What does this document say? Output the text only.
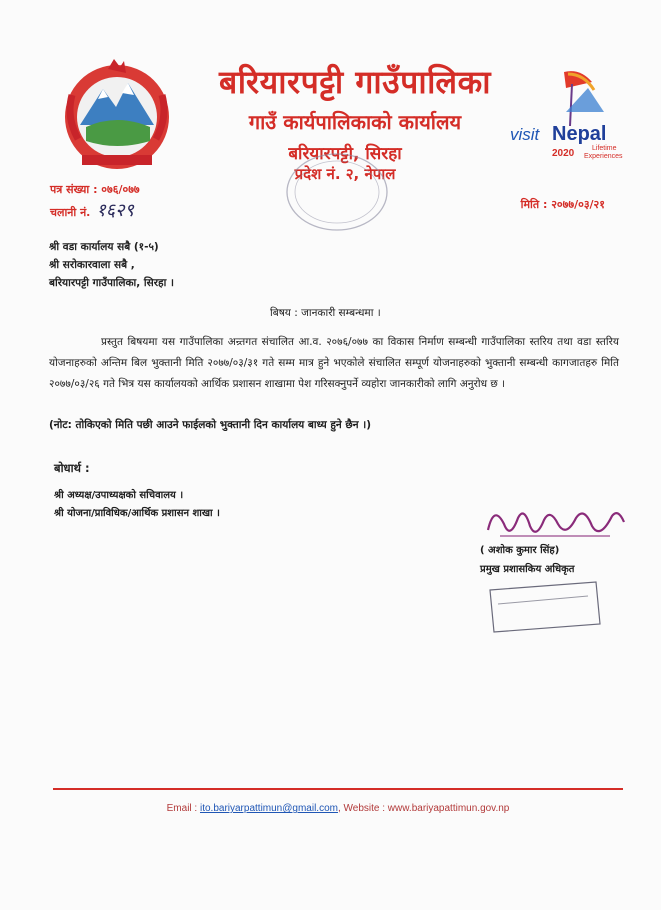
बरियारपट्टी गाउँपालिका
गाउँ कार्यपालिकाको कार्यालय
बरियारपट्टी, सिरहा
प्रदेश नं. २, नेपाल
visit Nepal
2020	Lifetime
Experiences
पत्र संख्या : ०७६/०७७
चलानी नं. १६२९	मिति : २०७७/०३/२१
श्री वडा कार्यालय सबै (१-५)
श्री सरोकारवाला सबै ,
बरियारपट्टी गाउँपालिका, सिरहा ।
बिषय : जानकारी सम्बन्धमा ।
प्रस्तुत बिषयमा यस गाउँपालिका अन्र्तगत संचालित आ.व. २०७६/०७७ का विकास निर्माण सम्बन्धी गाउँपालिका स्तरिय तथा वडा स्तरिय योजनाहरुको अन्तिम बिल भुक्तानी मिति २०७७/०३/३१ गते सम्म मात्र हुने भएकोले संचालित सम्पूर्ण योजनाहरुको भुक्तानी सम्बन्धी कागजातहरु मिति २०७७/०३/२६ गते भित्र यस कार्यालयको आर्थिक प्रशासन शाखामा पेश गरिसक्नुपर्ने व्यहोरा जानकारीको लागि अनुरोध छ ।
(नोट: तोकिएको मिति पछी आउने फाईलको भुक्तानी दिन कार्यालय बाध्य हुने छैन ।)
बोधार्थ :
श्री अध्यक्ष/उपाध्यक्षको सचिवालय ।
श्री योजना/प्राविधिक/आर्थिक प्रशासन शाखा ।
( अशोक कुमार सिंह)
प्रमुख प्रशासकिय अधिकृत
Email : ito.bariyarpattimun@gmail.com, Website : www.bariyapattimun.gov.np
